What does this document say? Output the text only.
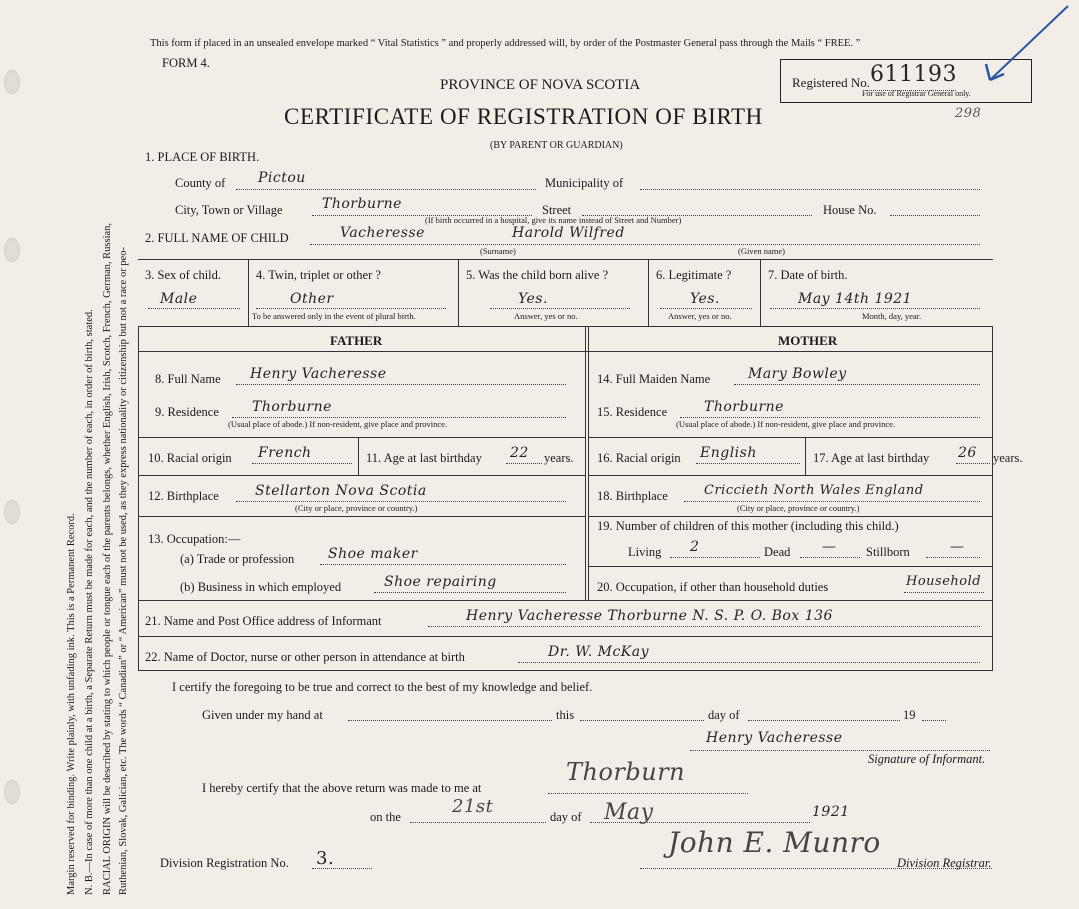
Margin reserved for binding. Write plainly, with unfading ink. This is a Permanent Record. N. B.—In case of more than one child at a birth, a Separate Return must be made for each, and the number of each, in order of birth, stated. RACIAL ORIGIN will be described by stating to which people or tongue each of the parents belongs, whether English, Irish, Scotch, French, German, Russian, Ruthenian, Slovak, Galician, etc. The words “ Canadian” or “ American” must not be used, as they express nationality or citizenship but not a race or peo-
This form if placed in an unsealed envelope marked “ Vital Statistics ” and properly addressed will, by order of the Postmaster General pass through the Mails “ FREE. ”
FORM 4.
PROVINCE OF NOVA SCOTIA
CERTIFICATE OF REGISTRATION OF BIRTH
(BY PARENT OR GUARDIAN)
Registered No. 611193
For use of Registrar General only.
298
1. PLACE OF BIRTH.
County of Pictou	Municipality of
City, Town or Village	Thorburne	Street	House No.
(If birth occurred in a hospital, give its name instead of Street and Number)
2. FULL NAME OF CHILD	Vacheresse	Harold Wilfred
(Surname)	(Given name)
3. Sex of child.
Male
4. Twin, triplet or other ?
Other
To be answered only in the event of plural birth.
5. Was the child born alive ?
Yes.
Answer, yes or no.
6. Legitimate ?
Yes.
Answer, yes or no.
7. Date of birth.
May 14th 1921
Month, day, year.
FATHER	MOTHER
8. Full Name Henry Vacheresse
9. Residence Thorburne
(Usual place of abode.) If non-resident, give place and province.
10. Racial origin French	11. Age at last birthday 22 years.
12. Birthplace	Stellarton Nova Scotia
(City or place, province or country.)
13. Occupation:—
(a) Trade or profession Shoe maker
(b) Business in which employed	Shoe repairing
14. Full Maiden Name	Mary Bowley
15. Residence	Thorburne
(Usual place of abode.) If non-resident, give place and province.
16. Racial origin English	17. Age at last birthday 26 years.
18. Birthplace	Criccieth North Wales England
(City or place, province or country.)
19. Number of children of this mother (including this child.)
Living 2	Dead — Stillborn	—
20. Occupation, if other than household duties	Household
21. Name and Post Office address of Informant	Henry Vacheresse Thorburne N. S. P. O. Box 136
22. Name of Doctor, nurse or other person in attendance at birth	Dr. W. McKay
I certify the foregoing to be true and correct to the best of my knowledge and belief.
Given under my hand at	this	day of	19
Henry Vacheresse
Signature of Informant.
I hereby certify that the above return was made to me at
Thorburn
on the	21st	day of May	1921
Division Registration No. 3.	John E. Munro
Division Registrar.
